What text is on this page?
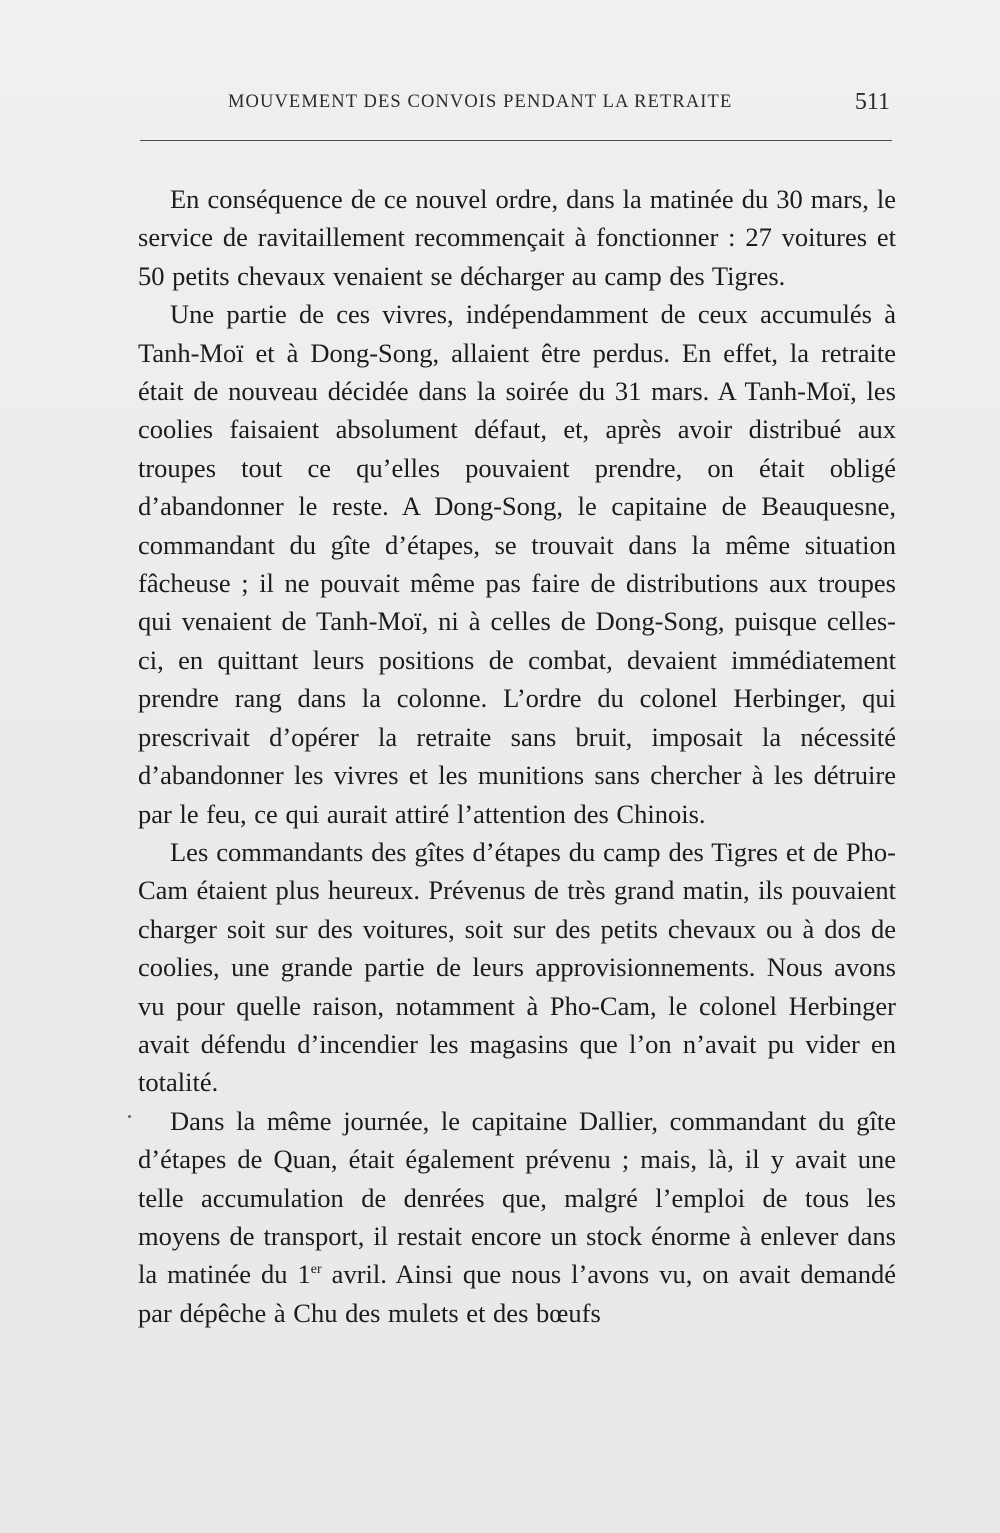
MOUVEMENT DES CONVOIS PENDANT LA RETRAITE	511

En conséquence de ce nouvel ordre, dans la matinée du 30 mars, le service de ravitaillement recommençait à fonctionner : 27 voitures et 50 petits chevaux venaient se décharger au camp des Tigres.

Une partie de ces vivres, indépendamment de ceux accumulés à Tanh-Moï et à Dong-Song, allaient être perdus. En effet, la retraite était de nouveau décidée dans la soirée du 31 mars. A Tanh-Moï, les coolies faisaient absolument défaut, et, après avoir distribué aux troupes tout ce qu’elles pouvaient prendre, on était obligé d’abandonner le reste. A Dong-Song, le capitaine de Beauquesne, commandant du gîte d’étapes, se trouvait dans la même situation fâcheuse ; il ne pouvait même pas faire de distributions aux troupes qui venaient de Tanh-Moï, ni à celles de Dong-Song, puisque celles-ci, en quittant leurs positions de combat, devaient immédiatement prendre rang dans la colonne. L’ordre du colonel Herbinger, qui prescrivait d’opérer la retraite sans bruit, imposait la nécessité d’abandonner les vivres et les munitions sans chercher à les détruire par le feu, ce qui aurait attiré l’attention des Chinois.

Les commandants des gîtes d’étapes du camp des Tigres et de Pho-Cam étaient plus heureux. Prévenus de très grand matin, ils pouvaient charger soit sur des voitures, soit sur des petits chevaux ou à dos de coolies, une grande partie de leurs approvisionnements. Nous avons vu pour quelle raison, notamment à Pho-Cam, le colonel Herbinger avait défendu d’incendier les magasins que l’on n’avait pu vider en totalité.

Dans la même journée, le capitaine Dallier, commandant du gîte d’étapes de Quan, était également prévenu ; mais, là, il y avait une telle accumulation de denrées que, malgré l’emploi de tous les moyens de transport, il restait encore un stock énorme à enlever dans la matinée du 1er avril. Ainsi que nous l’avons vu, on avait demandé par dépêche à Chu des mulets et des bœufs
